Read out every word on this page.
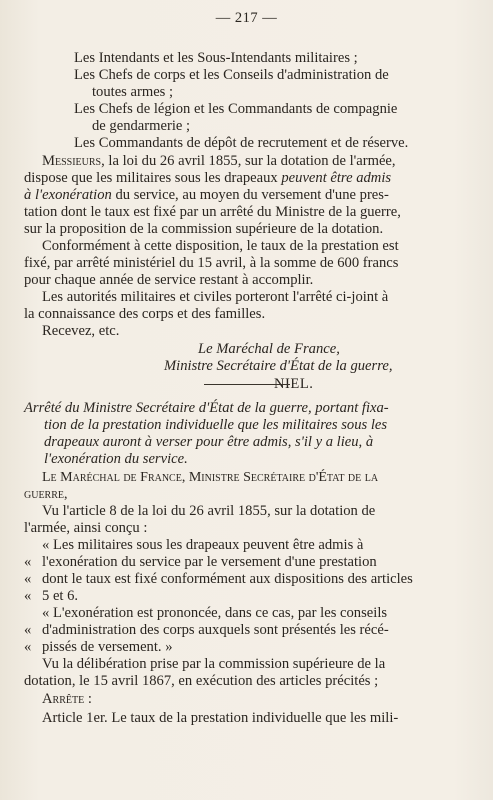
— 217 —
Les Intendants et les Sous-Intendants militaires ;
Les Chefs de corps et les Conseils d'administration de
toutes armes ;
Les Chefs de légion et les Commandants de compagnie
de gendarmerie ;
Les Commandants de dépôt de recrutement et de réserve.
Messieurs, la loi du 26 avril 1855, sur la dotation de l'armée,
dispose que les militaires sous les drapeaux peuvent être admis
à l'exonération du service, au moyen du versement d'une pres-
tation dont le taux est fixé par un arrêté du Ministre de la guerre,
sur la proposition de la commission supérieure de la dotation.
Conformément à cette disposition, le taux de la prestation est
fixé, par arrêté ministériel du 15 avril, à la somme de 600 francs
pour chaque année de service restant à accomplir.
Les autorités militaires et civiles porteront l'arrêté ci-joint à
la connaissance des corps et des familles.
Recevez, etc.
Le Maréchal de France,
Ministre Secrétaire d'État de la guerre,
NIEL.
Arrêté du Ministre Secrétaire d'État de la guerre, portant fixa-
tion de la prestation individuelle que les militaires sous les
drapeaux auront à verser pour être admis, s'il y a lieu, à
l'exonération du service.
Le Maréchal de France, Ministre Secrétaire d'État de la
guerre,
Vu l'article 8 de la loi du 26 avril 1855, sur la dotation de
l'armée, ainsi conçu :
« Les militaires sous les drapeaux peuvent être admis à
« l'exonération du service par le versement d'une prestation
« dont le taux est fixé conformément aux dispositions des articles
« 5 et 6.
« L'exonération est prononcée, dans ce cas, par les conseils
« d'administration des corps auxquels sont présentés les récé-
« pissés de versement. »
Vu la délibération prise par la commission supérieure de la
dotation, le 15 avril 1867, en exécution des articles précités ;
Arrête :
Article 1er. Le taux de la prestation individuelle que les mili-
